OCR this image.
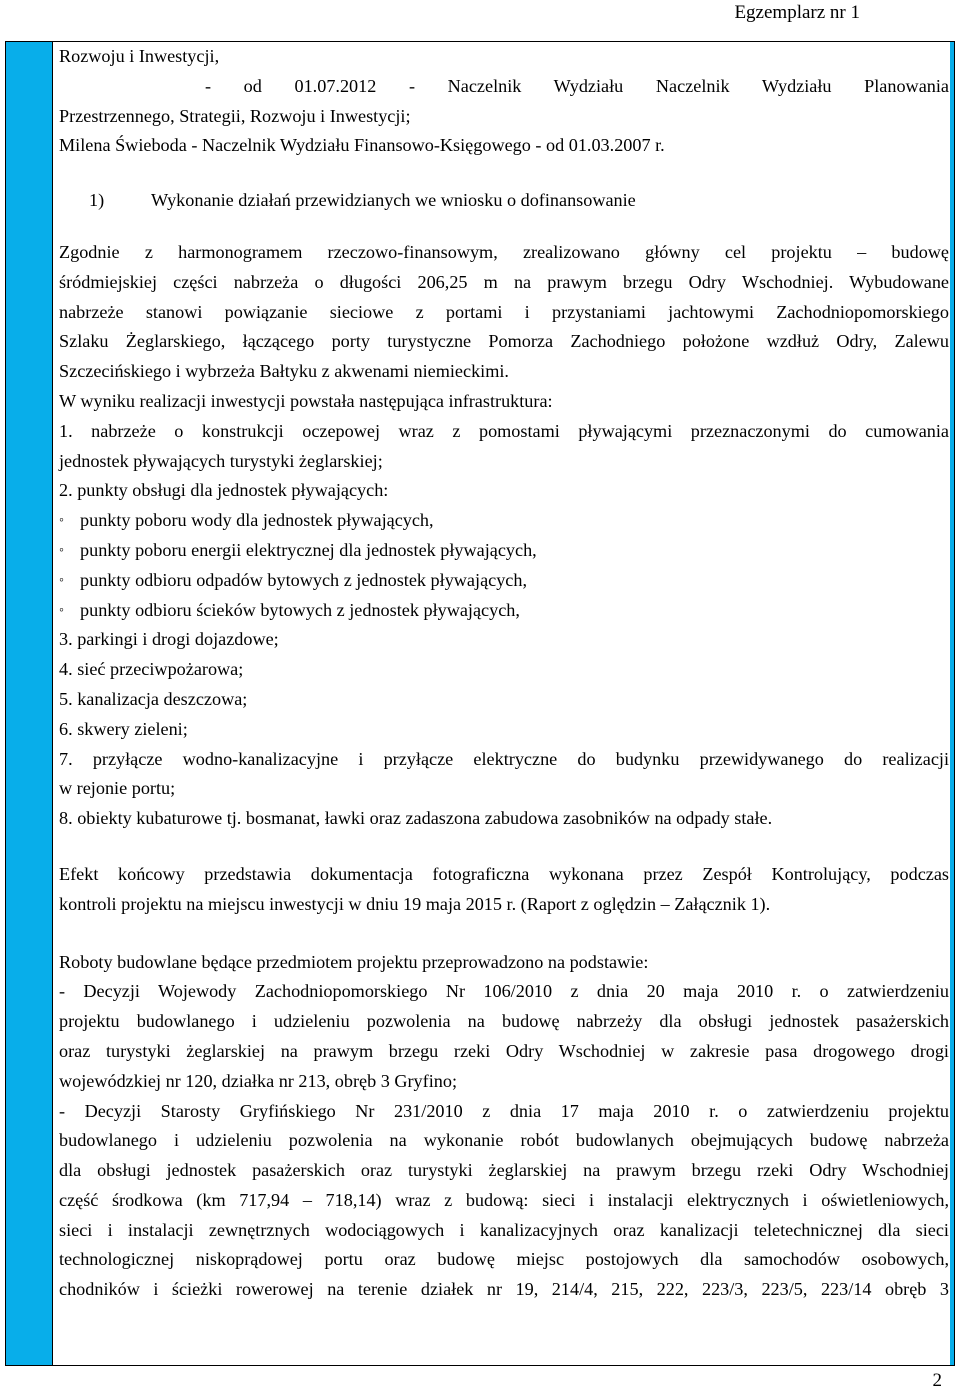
Egzemplarz nr 1
Rozwoju i Inwestycji,
- od 01.07.2012 - Naczelnik Wydziału Naczelnik Wydziału Planowania
Przestrzennego, Strategii, Rozwoju i Inwestycji;
Milena Świeboda - Naczelnik Wydziału Finansowo-Księgowego - od 01.03.2007 r.
1)	Wykonanie działań przewidzianych we wniosku o dofinansowanie
Zgodnie z harmonogramem rzeczowo-finansowym, zrealizowano główny cel projektu – budowę
śródmiejskiej części nabrzeża o długości 206,25 m na prawym brzegu Odry Wschodniej. Wybudowane
nabrzeże stanowi powiązanie sieciowe z portami i przystaniami jachtowymi Zachodniopomorskiego
Szlaku Żeglarskiego, łączącego porty turystyczne Pomorza Zachodniego położone wzdłuż Odry, Zalewu
Szczecińskiego i wybrzeża Bałtyku z akwenami niemieckimi.
W wyniku realizacji inwestycji powstała następująca infrastruktura:
1. nabrzeże o konstrukcji oczepowej wraz z pomostami pływającymi przeznaczonymi do cumowania
jednostek pływających turystyki żeglarskiej;
2. punkty obsługi dla jednostek pływających:
◦ punkty poboru wody dla jednostek pływających,
◦ punkty poboru energii elektrycznej dla jednostek pływających,
◦ punkty odbioru odpadów bytowych z jednostek pływających,
◦ punkty odbioru ścieków bytowych z jednostek pływających,
3. parkingi i drogi dojazdowe;
4. sieć przeciwpożarowa;
5. kanalizacja deszczowa;
6. skwery zieleni;
7. przyłącze wodno-kanalizacyjne i przyłącze elektryczne do budynku przewidywanego do realizacji
w rejonie portu;
8. obiekty kubaturowe tj. bosmanat, ławki oraz zadaszona zabudowa zasobników na odpady stałe.
Efekt końcowy przedstawia dokumentacja fotograficzna wykonana przez Zespół Kontrolujący, podczas
kontroli projektu na miejscu inwestycji w dniu 19 maja 2015 r. (Raport z oględzin – Załącznik 1).
Roboty budowlane będące przedmiotem projektu przeprowadzono na podstawie:
- Decyzji Wojewody Zachodniopomorskiego Nr 106/2010 z dnia 20 maja 2010 r. o zatwierdzeniu
projektu budowlanego i udzieleniu pozwolenia na budowę nabrzeży dla obsługi jednostek pasażerskich
oraz turystyki żeglarskiej na prawym brzegu rzeki Odry Wschodniej w zakresie pasa drogowego drogi
wojewódzkiej nr 120, działka nr 213, obręb 3 Gryfino;
- Decyzji Starosty Gryfińskiego Nr 231/2010 z dnia 17 maja 2010 r. o zatwierdzeniu projektu
budowlanego i udzieleniu pozwolenia na wykonanie robót budowlanych obejmujących budowę nabrzeża
dla obsługi jednostek pasażerskich oraz turystyki żeglarskiej na prawym brzegu rzeki Odry Wschodniej
część środkowa (km 717,94 – 718,14) wraz z budową: sieci i instalacji elektrycznych i oświetleniowych,
sieci i instalacji zewnętrznych wodociągowych i kanalizacyjnych oraz kanalizacji teletechnicznej dla sieci
technologicznej niskoprądowej portu oraz budowę miejsc postojowych dla samochodów osobowych,
chodników i ścieżki rowerowej na terenie działek nr 19, 214/4, 215, 222, 223/3, 223/5, 223/14 obręb 3
2
